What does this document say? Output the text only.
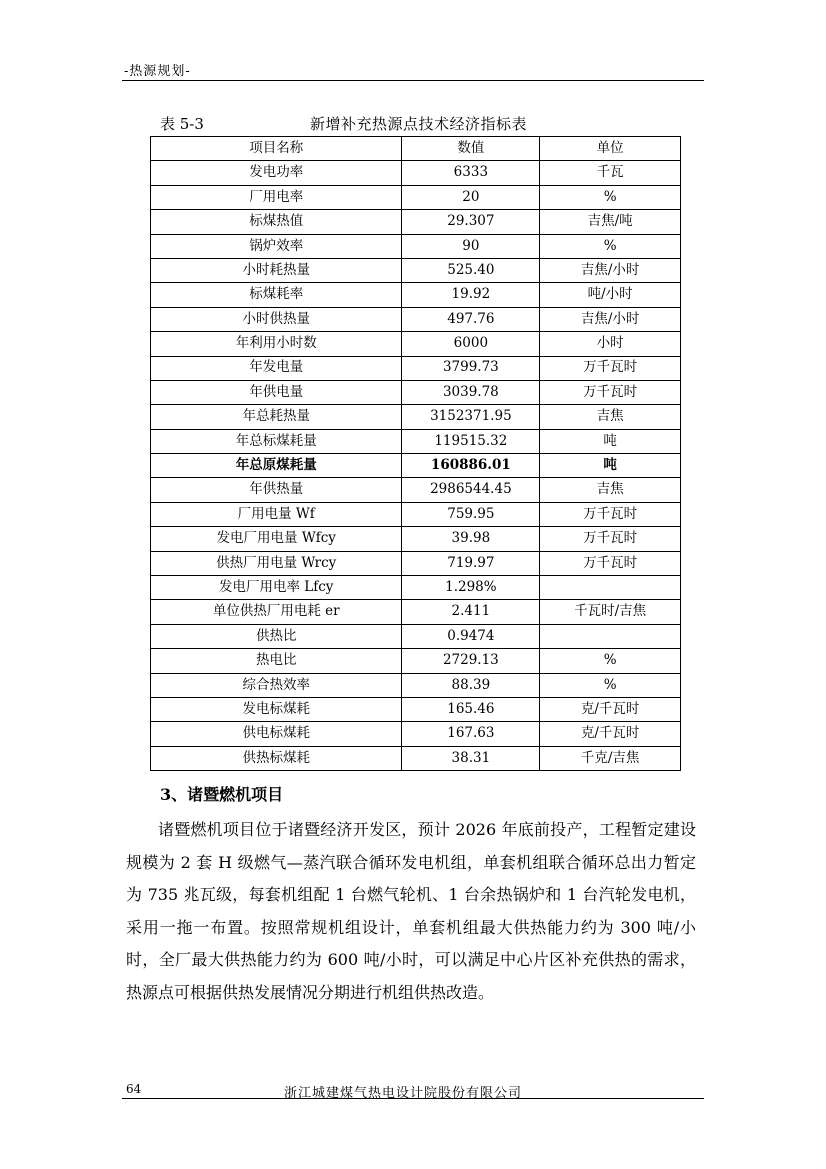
-热源规划-
表 5-3	新增补充热源点技术经济指标表
项目名称	数值	单位
发电功率	6333	千瓦
厂用电率	20	%
标煤热值	29.307	吉焦/吨
锅炉效率	90	%
小时耗热量	525.40	吉焦/小时
标煤耗率	19.92	吨/小时
小时供热量	497.76	吉焦/小时
年利用小时数	6000	小时
年发电量	3799.73	万千瓦时
年供电量	3039.78	万千瓦时
年总耗热量	3152371.95	吉焦
年总标煤耗量	119515.32	吨
年总原煤耗量	160886.01	吨
年供热量	2986544.45	吉焦
厂用电量 Wf	759.95	万千瓦时
发电厂用电量 Wfcy	39.98	万千瓦时
供热厂用电量 Wrcy	719.97	万千瓦时
发电厂用电率 Lfcy	1.298%	
单位供热厂用电耗 er	2.411	千瓦时/吉焦
供热比	0.9474	
热电比	2729.13	%
综合热效率	88.39	%
发电标煤耗	165.46	克/千瓦时
供电标煤耗	167.63	克/千瓦时
供热标煤耗	38.31	千克/吉焦
3、诸暨燃机项目
诸暨燃机项目位于诸暨经济开发区，预计 2026 年底前投产，工程暂定建设规模为 2 套 H 级燃气—蒸汽联合循环发电机组，单套机组联合循环总出力暂定为 735 兆瓦级，每套机组配 1 台燃气轮机、1 台余热锅炉和 1 台汽轮发电机，采用一拖一布置。按照常规机组设计，单套机组最大供热能力约为 300 吨/小时，全厂最大供热能力约为 600 吨/小时，可以满足中心片区补充供热的需求，热源点可根据供热发展情况分期进行机组供热改造。
64	浙江城建煤气热电设计院股份有限公司
